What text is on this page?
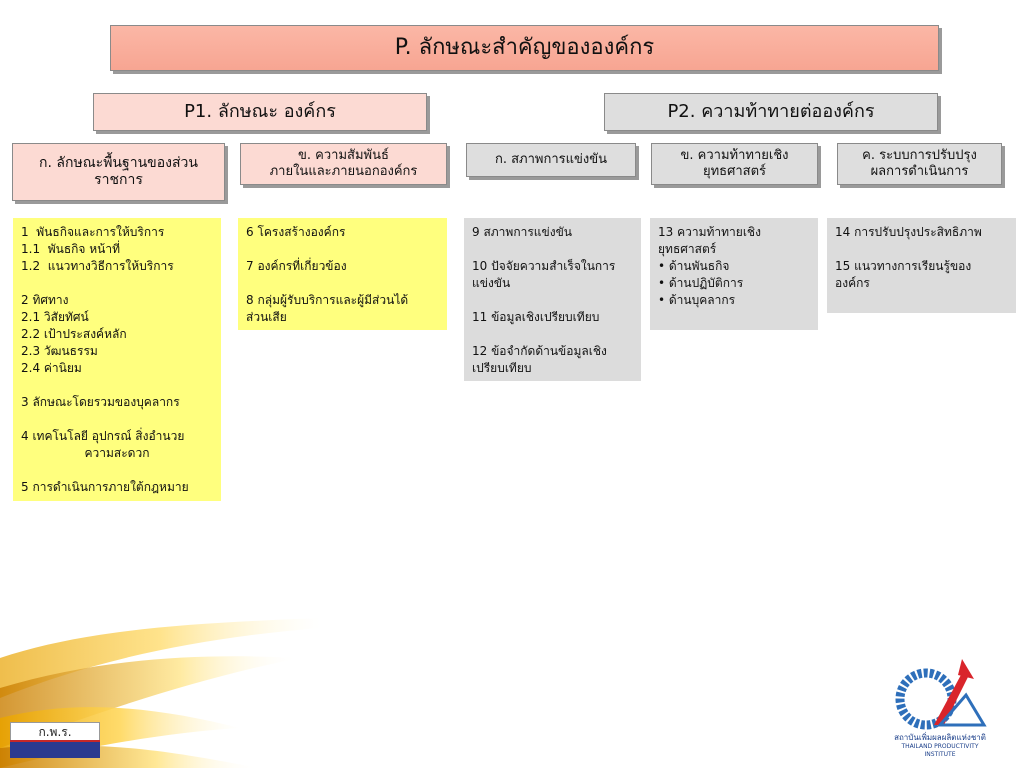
P. ลักษณะสำคัญขององค์กร
P1. ลักษณะ องค์กร	P2. ความท้าทายต่อองค์กร
ก. ลักษณะพื้นฐานของส่วน
ราชการ
ข. ความสัมพันธ์
ภายในและภายนอกองค์กร
ก. สภาพการแข่งขัน	ข. ความท้าทายเชิง
ยุทธศาสตร์
ค. ระบบการปรับปรุง
ผลการดำเนินการ
1  พันธกิจและการให้บริการ
1.1  พันธกิจ หน้าที่
1.2  แนวทางวิธีการให้บริการ
2 ทิศทาง
2.1 วิสัยทัศน์
2.2 เป้าประสงค์หลัก
2.3 วัฒนธรรม
2.4 ค่านิยม
3 ลักษณะโดยรวมของบุคลากร
4 เทคโนโลยี อุปกรณ์ สิ่งอำนวย
ความสะดวก
5 การดำเนินการภายใต้กฎหมาย
6 โครงสร้างองค์กร
7 องค์กรที่เกี่ยวข้อง
8 กลุ่มผู้รับบริการและผู้มีส่วนได้
ส่วนเสีย
9 สภาพการแข่งขัน
10 ปัจจัยความสำเร็จในการ
แข่งขัน
11 ข้อมูลเชิงเปรียบเทียบ
12 ข้อจำกัดด้านข้อมูลเชิง
เปรียบเทียบ
13 ความท้าทายเชิง
ยุทธศาสตร์
• ด้านพันธกิจ
• ด้านปฏิบัติการ
• ด้านบุคลากร
14 การปรับปรุงประสิทธิภาพ
15 แนวทางการเรียนรู้ของ
องค์กร
ก.พ.ร.	สถาบันเพิ่มผลผลิตแห่งชาติ
THAILAND PRODUCTIVITY INSTITUTE
